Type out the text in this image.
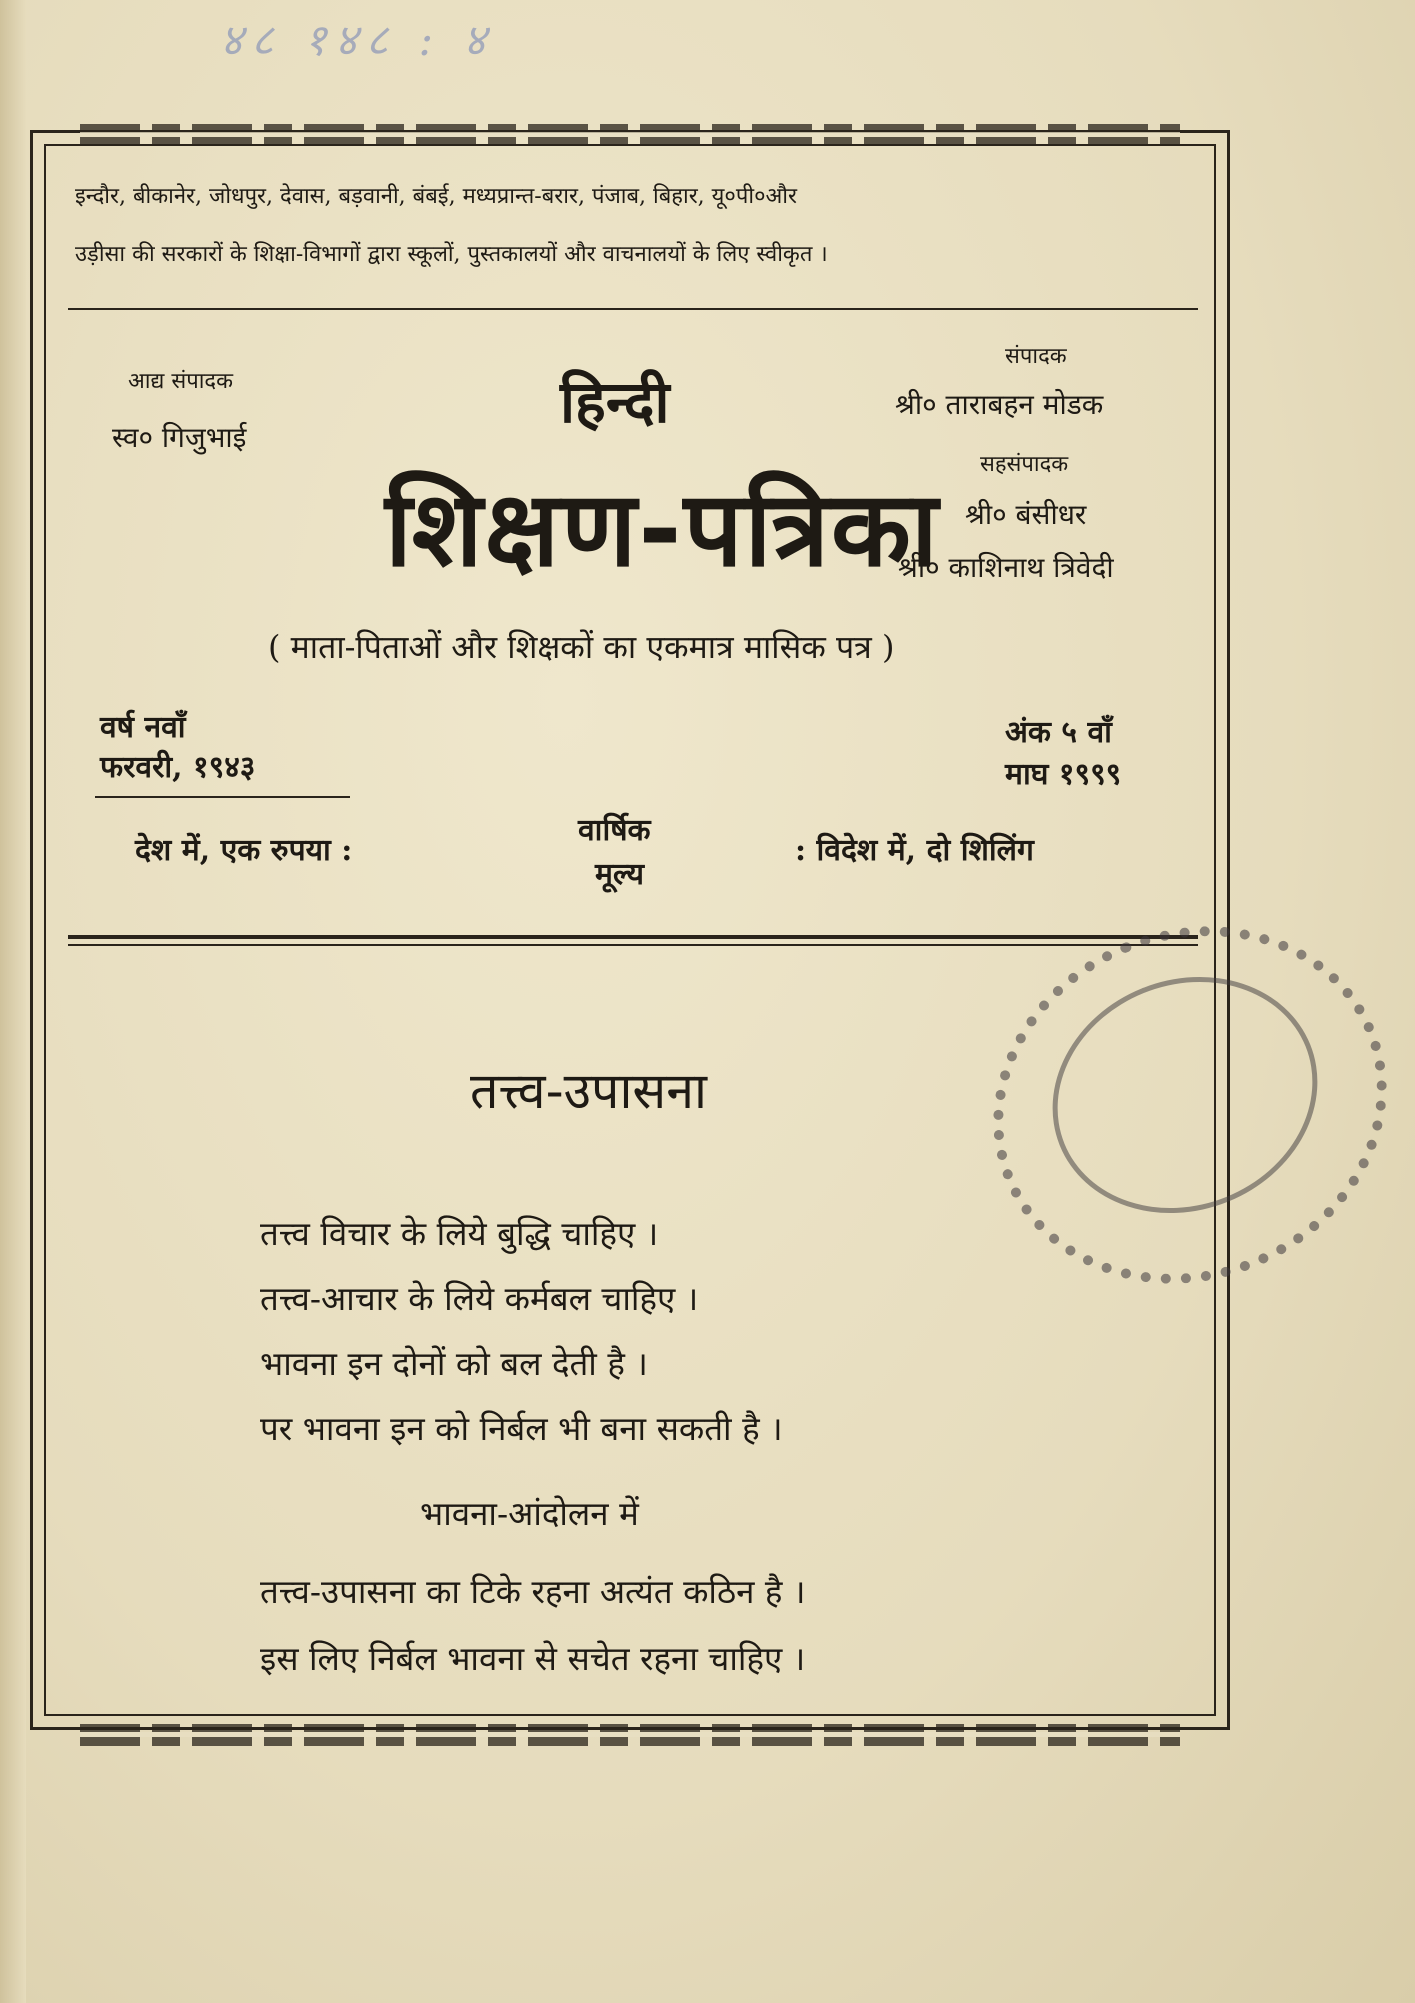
४८ १४८ : ४
इन्दौर, बीकानेर, जोधपुर, देवास, बड़वानी, बंबई, मध्यप्रान्त-बरार, पंजाब, बिहार, यू०पी०और
उड़ीसा की सरकारों के शिक्षा-विभागों द्वारा स्कूलों, पुस्तकालयों और वाचनालयों के लिए स्वीकृत ।
आद्य संपादक
स्व० गिजुभाई
संपादक
श्री० ताराबहन मोडक
सहसंपादक
श्री० बंसीधर
श्री० काशिनाथ त्रिवेदी
हिन्दी
शिक्षण-पत्रिका
( माता-पिताओं और शिक्षकों का एकमात्र मासिक पत्र )
वर्ष नवाँ
फरवरी, १९४३
अंक ५ वाँ
माघ १९९९
देश में, एक रुपया :
वार्षिक
मूल्य
: विदेश में, दो शिलिंग
तत्त्व-उपासना
तत्त्व विचार के लिये बुद्धि चाहिए ।
तत्त्व-आचार के लिये कर्मबल चाहिए ।
भावना इन दोनों को बल देती है ।
पर भावना इन को निर्बल भी बना सकती है ।
भावना-आंदोलन में
तत्त्व-उपासना का टिके रहना अत्यंत कठिन है ।
इस लिए निर्बल भावना से सचेत रहना चाहिए ।
